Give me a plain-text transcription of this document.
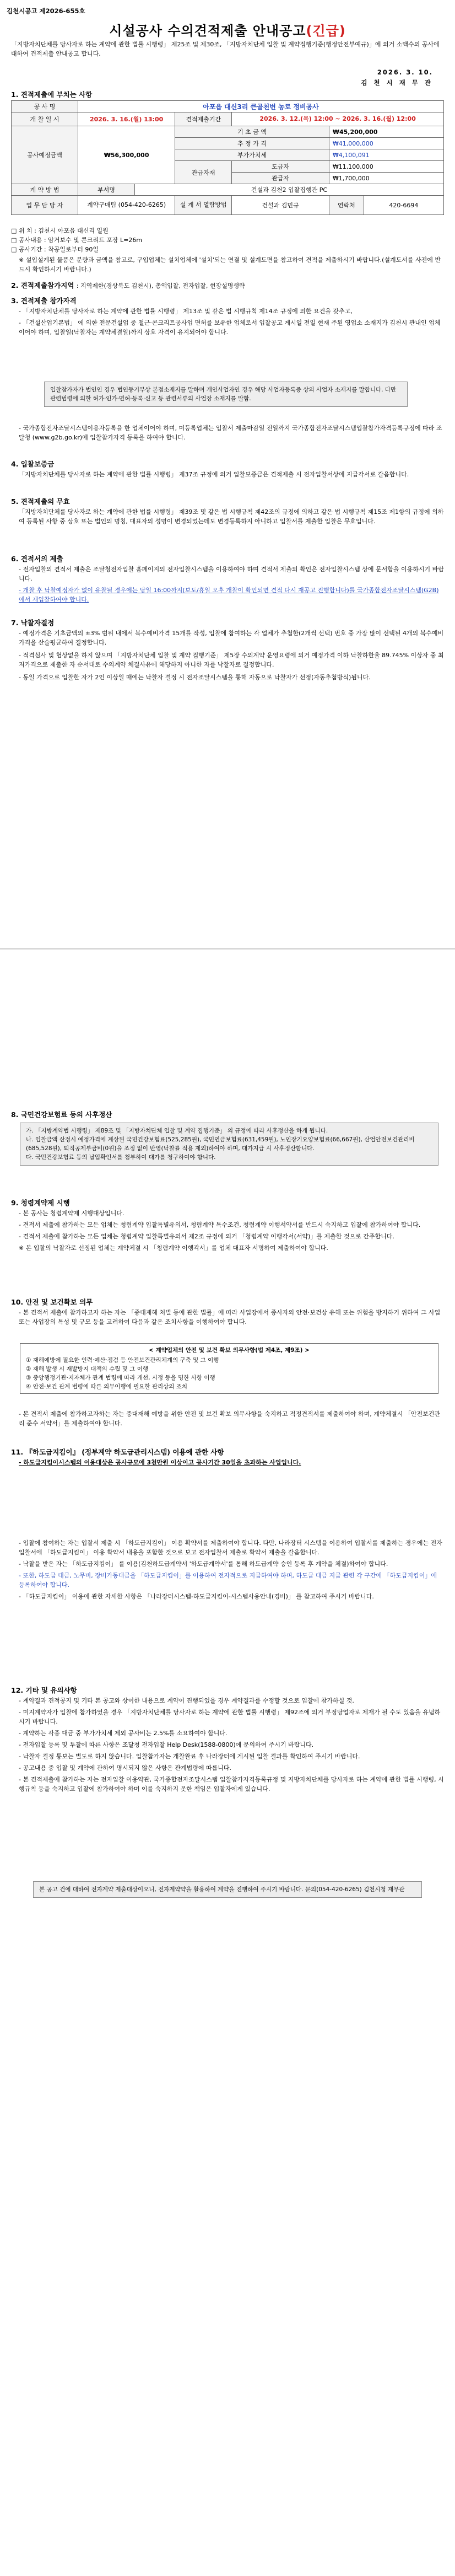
김천시공고 제2026-655호
시설공사 수의견적제출 안내공고(긴급)
「지방자치단체를 당사자로 하는 계약에 관한 법률 시행령」 제25조 및 제30조, 「지방자치단체 입찰 및 계약집행기준(행정안전부예규)」에 의거 소액수의 공사에 대하여 견적제출 안내공고 합니다.
2026. 3. 10.
김 천 시 재 무 관
1. 견적제출에 부치는 사항
공 사 명	아포읍 대신3리 큰골천변 농로 정비공사					
개 찰 일 시	2026. 3. 16.(월) 13:00		견적제출기간	2026. 3. 12.(목) 12:00 ~ 2026. 3. 16.(월) 12:00		
공사예정금액	₩56,300,000		기 초 금 액		₩45,200,000	
			추 정 가 격		₩41,000,000	
			부가가치세		₩4,100,091	
			관급자재	도급자	₩11,100,000	
				관급자	₩1,700,000	
계 약 방 법	부서명	건설과 김천2 입찰집행관 PC				
업 무 담 당 자	계약구매팀 (054-420-6265)		설 계 서 열람방법	건설과 김민규	연락처	420-6694
□ 위 치 : 김천시 아포읍 대신리 일원
□ 공사내용 : 암거보수 및 콘크리트 포장 L=26m
□ 공사기간 : 착공일로부터 90일
※ 설입설계된 물품은 분량과 금액을 참고로, 구입업체는 설치업체에 '설치'되는 연결 및 설계도면을 참고하여 견적을 제출하시기 바랍니다.(설계도서를 사전에 반드시 확인하시기 바랍니다.)
2. 견적제출참가지역 : 지역제한(경상북도 김천시), 총액입찰, 전자입찰, 현장설명생략
3. 견적제출 참가자격
- 「지방자치단체를 당사자로 하는 계약에 관한 법률 시행령」 제13조 및 같은 법 시행규칙 제14조 규정에 의한 요건을 갖추고,
- 「건설산업기본법」 에 의한 전문건설업 중 철근·콘크리트공사업 면허를 보유한 업체로서 입찰공고 게시일 전일 현재 주된 영업소 소재지가 김천시 관내인 업체이어야 하며, 입찰일(낙찰자는 계약체결일)까지 상호 자격이 유지되어야 합니다.
입찰참가자가 법인인 경우 법인등기부상 본점소재지를 말하며 개인사업자인 경우 해당 사업자등록증 상의 사업자 소재지를 말합니다. 다만 관련법령에 의한 허가·인가·면허·등록·신고 등 관련서류의 사업장 소재지를 말함.
- 국가종합전자조달시스템이용자등록을 한 업체이어야 하며, 미등록업체는 입찰서 제출마감일 전일까지 국가종합전자조달시스템입찰참가자격등록규정에 따라 조달청 (www.g2b.go.kr)에 입찰참가자격 등록을 하여야 합니다.
4. 입찰보증금
「지방자치단체를 당사자로 하는 계약에 관한 법률 시행령」 제37조 규정에 의거 입찰보증금은 견적제출 시 전자입찰서상에 지급각서로 갈음합니다.
5. 견적제출의 무효
「지방자치단체를 당사자로 하는 계약에 관한 법률 시행령」 제39조 및 같은 법 시행규칙 제42조의 규정에 의하고 같은 법 시행규칙 제15조 제1항의 규정에 의하여 등록된 사항 중 상호 또는 법인의 명칭, 대표자의 성명이 변경되었는데도 변경등록하지 아니하고 입찰서를 제출한 입찰은 무효입니다.
6. 견적서의 제출
- 전자입찰의 견적서 제출은 조달청전자입찰 홈페이지의 전자입찰시스템을 이용하여야 하며 견적서 제출의 확인은 전자입찰시스템 상에 문서함을 이용하시기 바랍니다.
- 개찰 후 낙찰예정자가 없이 유찰될 경우에는 당일 16:00까지(보도/휴일 오후 개찰이 확인되면 견적 다시 재공고 진행합니다)를 국가종합전자조달시스템(G2B)에서 재입찰하여야 합니다.
7. 낙찰자결정
- 예정가격은 기초금액의 ±3% 범위 내에서 복수예비가격 15개를 작성, 입찰에 참여하는 각 업체가 추첨한(2개씩 선택) 번호 중 가장 많이 선택된 4개의 복수예비 가격을 산술평균하여 결정합니다.
- 적격심사 및 협상없을 하지 않으며 「지방자치단체 입찰 및 계약 집행기준」 제5장 수의계약 운영요령에 의거 예정가격 이하 낙찰하한율 89.745% 이상자 중 최저가격으로 제출한 자 순서대로 수의계약 체결사유에 해당하지 아니한 자를 낙찰자로 결정합니다.
- 동일 가격으로 입찰한 자가 2인 이상일 때에는 낙찰자 결정 시 전자조달시스템을 통해 자동으로 낙찰자가 선정(자동추첨방식)됩니다.
8. 국민건강보험료 등의 사후정산
가. 「지방계약법 시행령」 제89조 및 「지방자치단체 입찰 및 계약 집행기준」 의 규정에 따라 사후정산을 하게 됩니다.
나. 입찰금액 산정시 예정가격에 계상된 국민건강보험료(525,285원), 국민연금보험료(631,459원), 노인장기요양보험료(66,667원), 산업안전보건관리비(685,528원), 퇴직공제부금비(0원)을 조정 없이 반영(낙찰률 적용 제외)하여야 하며, 대가지급 시 사후정산합니다.
다. 국민건강보험료 등의 납입확인서를 첨부하여 대가를 청구하여야 합니다.
9. 청렴계약제 시행
- 본 공사는 청렴계약제 시행대상입니다.
- 견적서 제출에 참가하는 모든 업체는 청렴계약 입찰특별유의서, 청렴계약 특수조건, 청렴계약 이행서약서를 반드시 숙지하고 입찰에 참가하여야 합니다.
- 견적서 제출에 참가하는 모든 업체는 청렴계약 입찰특별유의서 제2조 규정에 의거 「청렴계약 이행각서(서약)」를 제출한 것으로 간주합니다.
※ 본 입찰의 낙찰자로 선정된 업체는 계약체결 시 「청렴계약 이행각서」를 업체 대표자 서명하여 제출하여야 합니다.
10. 안전 및 보건확보 의무
- 본 견적서 제출에 참가하고자 하는 자는 「중대재해 처벌 등에 관한 법률」에 따라 사업장에서 종사자의 안전·보건상 유해 또는 위험을 방지하기 위하여 그 사업 또는 사업장의 특성 및 규모 등을 고려하여 다음과 같은 조치사항을 이행하여야 합니다.
< 계약업체의 안전 및 보건 확보 의무사항(법 제4조, 제9조) >
① 재해예방에 필요한 인력·예산·점검 등 안전보건관리체계의 구축 및 그 이행
② 재해 발생 시 재발방지 대책의 수립 및 그 이행
③ 중앙행정기관·지자체가 관계 법령에 따라 개선, 시정 등을 명한 사항 이행
④ 안전·보건 관계 법령에 따른 의무이행에 필요한 관리상의 조치
- 본 견적서 제출에 참가하고자하는 자는 중대재해 예방을 위한 안전 및 보건 확보 의무사항을 숙지하고 적정견적서를 제출하여야 하며, 계약체결시 「안전보건관리 준수 서약서」를 제출하여야 합니다.
11. 『하도급지킴이』 (정부계약 하도급관리시스템) 이용에 관한 사항
- 하도급지킴이시스템의 이용대상은 공사규모에 3천만원 이상이고 공사기간 30일을 초과하는 사업입니다.
- 입찰에 참여하는 자는 입찰서 제출 시 「하도급지킴이」 이용 확약서를 제출하여야 합니다. 다만, 나라장터 시스템을 이용하여 입찰서를 제출하는 경우에는 전자입찰서에 「하도급지킴이」 이용 확약서 내용을 포함한 것으로 보고 전자입찰서 제출로 확약서 제출을 갈음합니다.
- 낙찰을 받은 자는 「하도급지킴이」 를 이용(김천하도급계약서 '하도급계약서'를 통해 하도급계약 승인 등록 후 계약을 체결)하여야 합니다.
- 또한, 하도급 대금, 노무비, 장비가동대금을 「하도급지킴이」를 이용하여 전자적으로 지급하여야 하며, 하도급 대금 지급 관련 각 구간에 「하도급지킴이」에 등록하여야 합니다.
- 「하도급지킴이」 이용에 관한 자세한 사항은 「나라장터시스템-하도급지킴이-시스템사용안내(경비)」 를 참고하여 주시기 바랍니다.
12. 기타 및 유의사항
- 계약결과 견적공지 및 기타 본 공고와 상이한 내용으로 계약이 진행되었을 경우 계약결과를 수정할 것으로 입찰에 참가하실 것.
- 미지계약자가 입찰에 참가하였을 경우 「지방자치단체를 당사자로 하는 계약에 관한 법률 시행령」 제92조에 의거 부정당업자로 제재가 될 수도 있음을 유념하시기 바랍니다.
- 계약하는 각종 대금 중 부가가치세 제외 공사비는 2.5%를 소요하여야 합니다.
- 전자입찰 등록 및 투찰에 따른 사항은 조달청 전자입찰 Help Desk(1588-0800)에 문의하여 주시기 바랍니다.
- 낙찰자 결정 통보는 별도로 하지 않습니다. 입찰참가자는 개찰완료 후 나라장터에 게시된 입찰 결과를 확인하여 주시기 바랍니다.
- 공고내용 중 입찰 및 계약에 관하여 명시되지 않은 사항은 관계법령에 따릅니다.
- 본 견적제출에 참가하는 자는 전자입찰 이용약관, 국가종합전자조달시스템 입찰참가자격등록규정 및 지방자치단체를 당사자로 하는 계약에 관한 법률 시행령, 시행규칙 등을 숙지하고 입찰에 참가하여야 하며 이를 숙지하지 못한 책임은 입찰자에게 있습니다.
본 공고 건에 대하여 전자계약 제출대상이오니, 전자계약약을 활용하여 계약을 진행하여 주시기 바랍니다. 문의(054-420-6265) 김천시청 재무관
